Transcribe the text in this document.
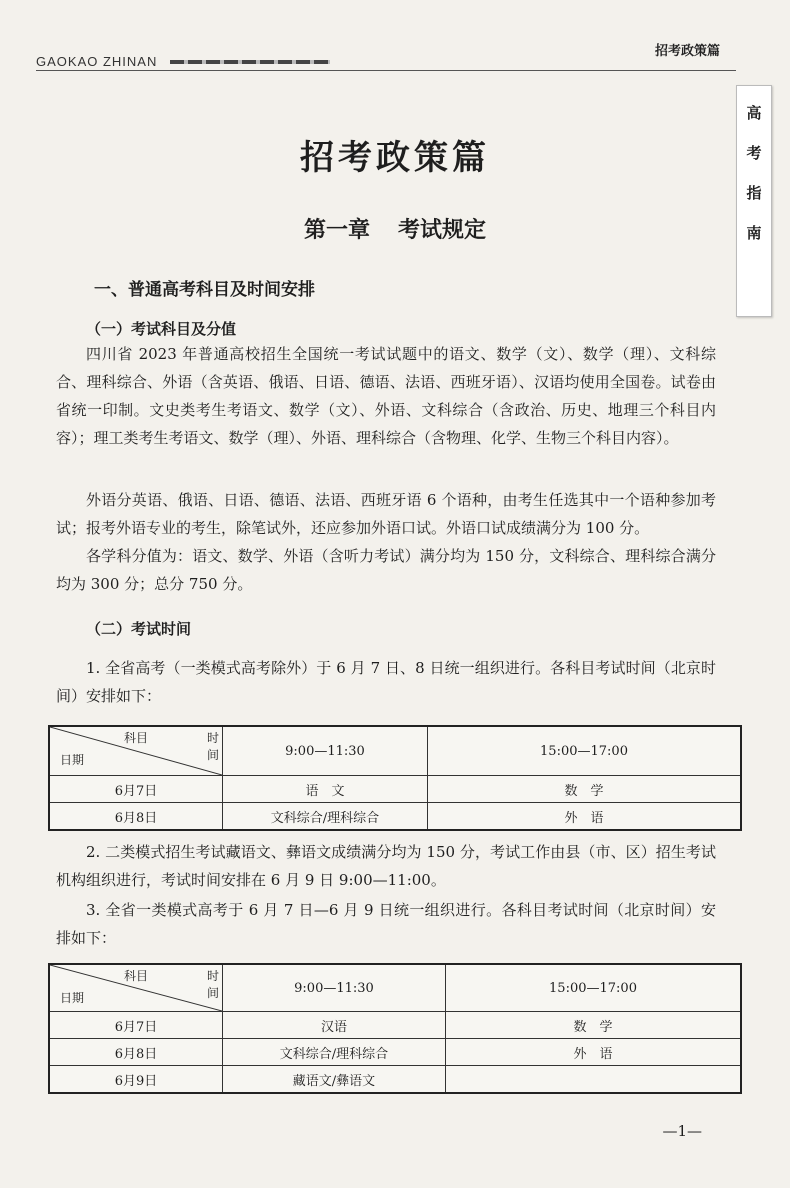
GAOKAO ZHINAN
招考政策篇
高
考
指
南
招考政策篇
第一章 考试规定
一、普通高考科目及时间安排
（一）考试科目及分值
四川省 2023 年普通高校招生全国统一考试试题中的语文、数学（文）、数学（理）、文科综合、理科综合、外语（含英语、俄语、日语、德语、法语、西班牙语）、汉语均使用全国卷。试卷由省统一印制。文史类考生考语文、数学（文）、外语、文科综合（含政治、历史、地理三个科目内容）；理工类考生考语文、数学（理）、外语、理科综合（含物理、化学、生物三个科目内容）。
外语分英语、俄语、日语、德语、法语、西班牙语 6 个语种，由考生任选其中一个语种参加考试；报考外语专业的考生，除笔试外，还应参加外语口试。外语口试成绩满分为 100 分。
各学科分值为：语文、数学、外语（含听力考试）满分均为 150 分，文科综合、理科综合满分均为 300 分；总分 750 分。
（二）考试时间
1. 全省高考（一类模式高考除外）于 6 月 7 日、8 日统一组织进行。各科目考试时间（北京时间）安排如下：
科目 时间
日期	9:00—11:30	15:00—17:00
6月7日	语　文	数　学
6月8日	文科综合/理科综合	外　语
2. 二类模式招生考试藏语文、彝语文成绩满分均为 150 分，考试工作由县（市、区）招生考试机构组织进行，考试时间安排在 6 月 9 日 9:00—11:00。
3. 全省一类模式高考于 6 月 7 日—6 月 9 日统一组织进行。各科目考试时间（北京时间）安排如下：
科目 时间
日期	9:00—11:30	15:00—17:00
6月7日	汉语	数　学
6月8日	文科综合/理科综合	外　语
6月9日	藏语文/彝语文	
—1—
